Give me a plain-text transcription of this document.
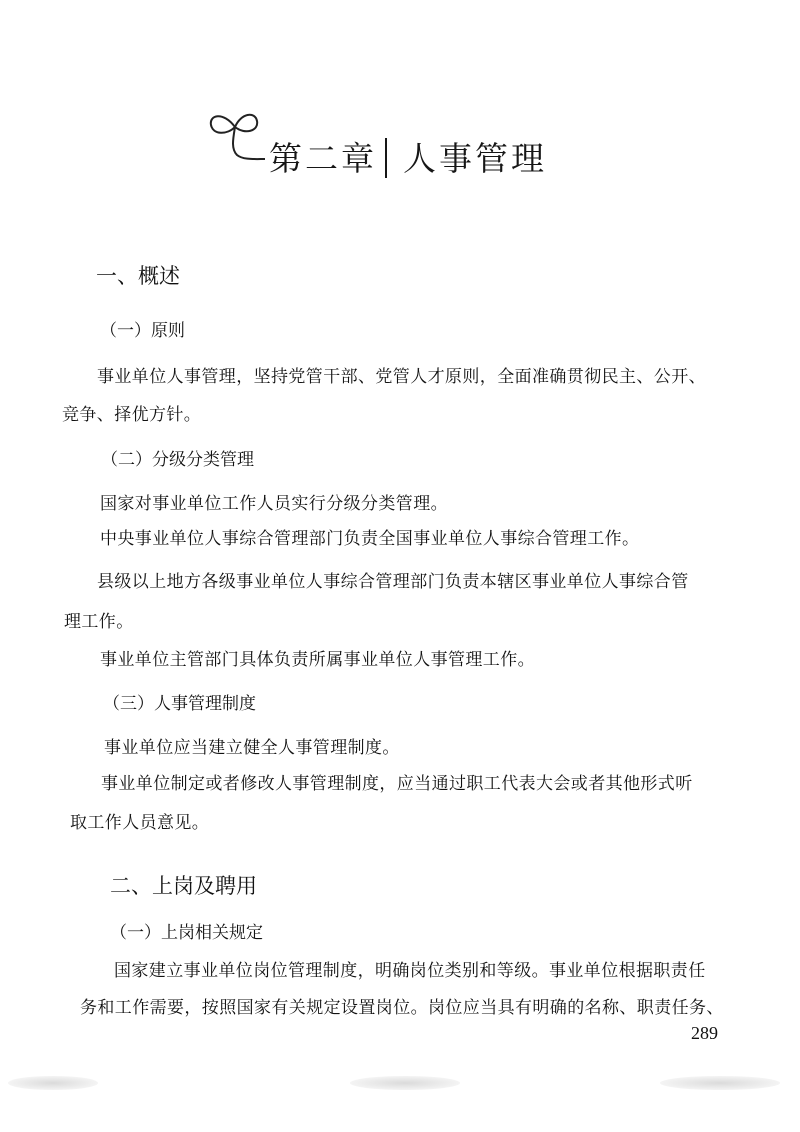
第二章 人事管理
一、概述
（一）原则
事业单位人事管理，坚持党管干部、党管人才原则，全面准确贯彻民主、公开、
竞争、择优方针。
（二）分级分类管理
国家对事业单位工作人员实行分级分类管理。
中央事业单位人事综合管理部门负责全国事业单位人事综合管理工作。
县级以上地方各级事业单位人事综合管理部门负责本辖区事业单位人事综合管
理工作。
事业单位主管部门具体负责所属事业单位人事管理工作。
（三）人事管理制度
事业单位应当建立健全人事管理制度。
事业单位制定或者修改人事管理制度，应当通过职工代表大会或者其他形式听
取工作人员意见。
二、上岗及聘用
（一）上岗相关规定
国家建立事业单位岗位管理制度，明确岗位类别和等级。事业单位根据职责任
务和工作需要，按照国家有关规定设置岗位。岗位应当具有明确的名称、职责任务、
289
